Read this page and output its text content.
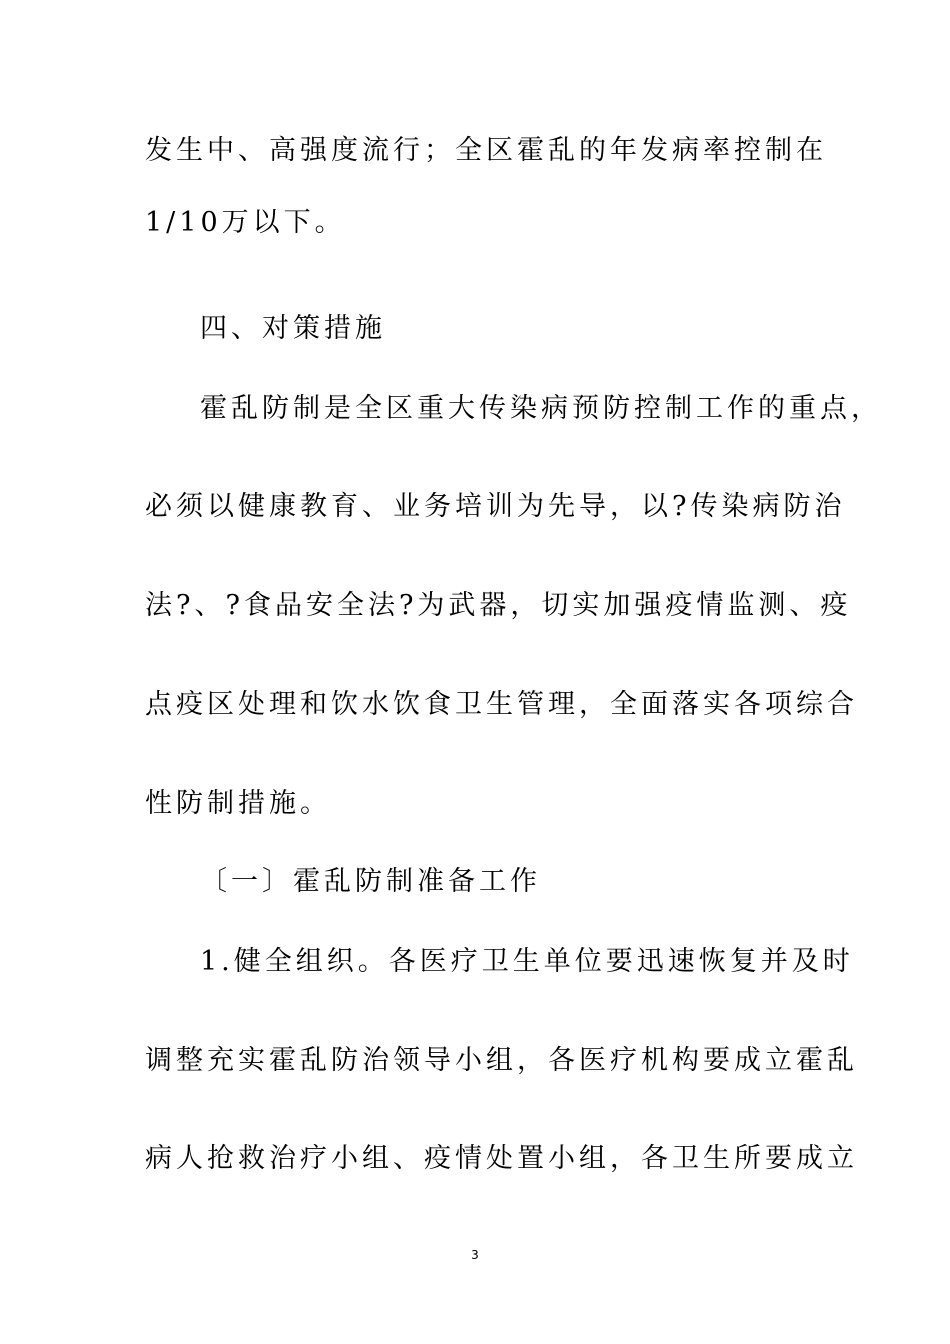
发生中、高强度流行；全区霍乱的年发病率控制在
1/10万以下。
四、对策措施
霍乱防制是全区重大传染病预防控制工作的重点，
必须以健康教育、业务培训为先导，以?传染病防治
法?、?食品安全法?为武器，切实加强疫情监测、疫
点疫区处理和饮水饮食卫生管理，全面落实各项综合
性防制措施。
〔一〕霍乱防制准备工作
1.健全组织。各医疗卫生单位要迅速恢复并及时
调整充实霍乱防治领导小组，各医疗机构要成立霍乱
病人抢救治疗小组、疫情处置小组，各卫生所要成立
3
